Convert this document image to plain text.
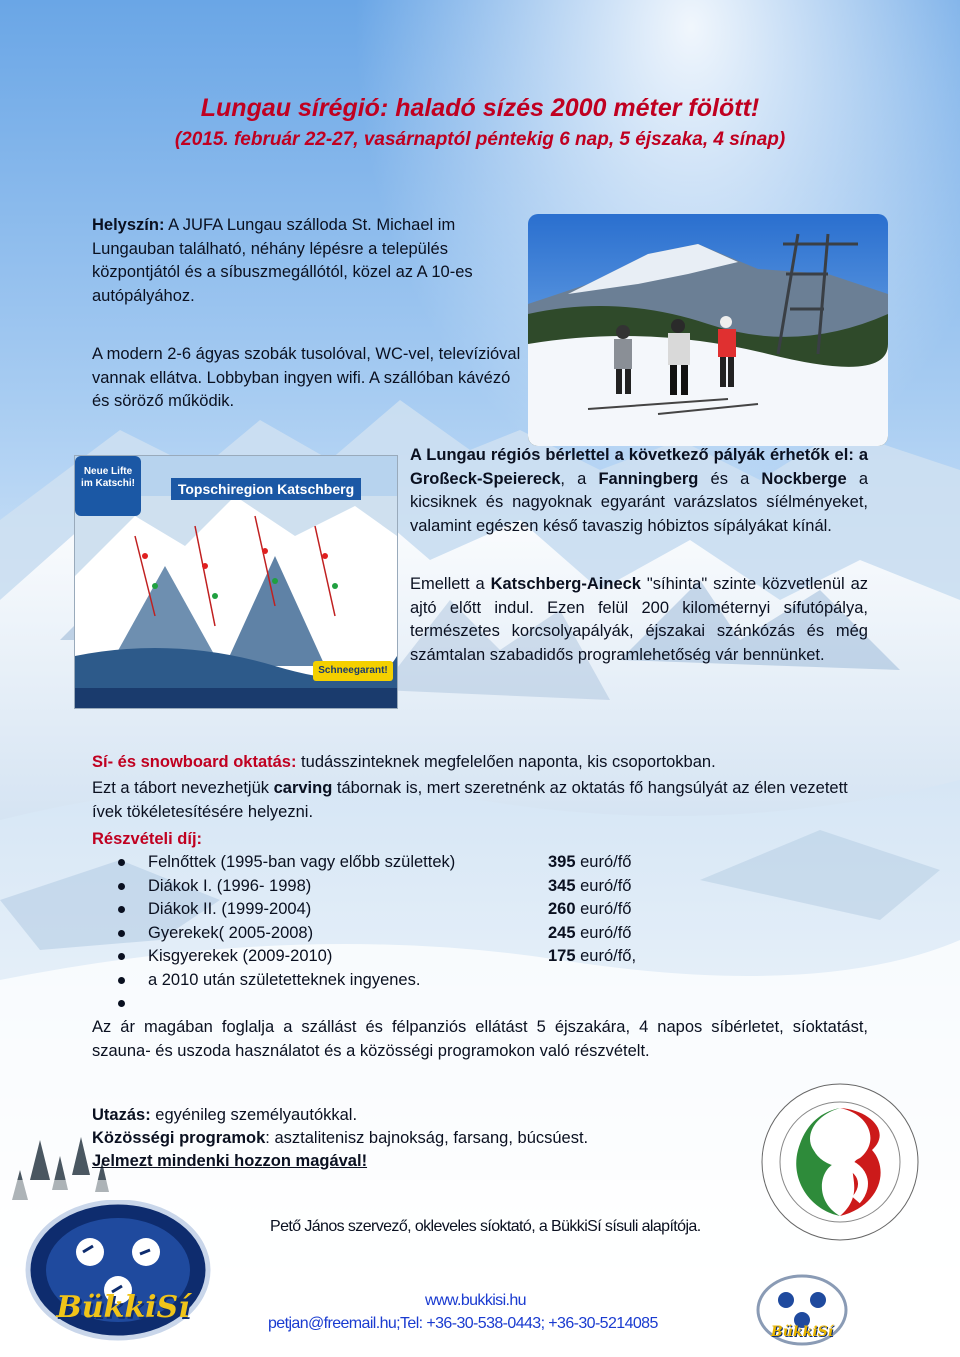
Lungau sírégió: haladó sízés 2000 méter fölött!
(2015. február 22-27, vasárnaptól péntekig 6 nap, 5 éjszaka, 4 sínap)
Helyszín: A JUFA Lungau szálloda St. Michael im Lungauban található, néhány lépésre a település központjától és a síbuszmegállótól, közel az A 10-es autópályához.
A modern 2-6 ágyas szobák tusolóval, WC-vel, televízióval vannak ellátva. Lobbyban ingyen wifi. A szállóban kávézó és söröző működik.
Topschiregion Katschberg
Neue Lifte im Katschi!
Schneegarant!
A Lungau régiós bérlettel a következő pályák érhetők el: a Großeck-Speiereck, a Fanningberg és a Nockberge a kicsiknek és nagyoknak egyaránt varázslatos síélményeket, valamint egészen késő tavaszig hóbiztos sípályákat kínál.
Emellett a Katschberg-Aineck "síhinta" szinte közvetlenül az ajtó előtt indul. Ezen felül 200 kilométernyi sífutópálya, természetes korcsolyapályák, éjszakai szánkózás és még számtalan szabadidős programlehetőség vár bennünket.
Sí- és snowboard oktatás: tudásszinteknek megfelelően naponta, kis csoportokban.
Ezt a tábort nevezhetjük carving tábornak is, mert szeretnénk az oktatás fő hangsúlyát az élen vezetett ívek tökéletesítésére helyezni.
Részvételi díj:
Felnőttek (1995-ban vagy előbb születtek)	395 euró/fő
Diákok I. (1996- 1998)	345 euró/fő
Diákok II. (1999-2004)	260 euró/fő
Gyerekek( 2005-2008)	245 euró/fő
Kisgyerekek (2009-2010)	175 euró/fő,
a 2010 után születetteknek ingyenes.
Az ár magában foglalja a szállást és félpanziós ellátást 5 éjszakára, 4 napos síbérletet, síoktatást, szauna- és uszoda használatot és a közösségi programokon való részvételt.
Utazás: egyénileg személyautókkal.
Közösségi programok: asztalitenisz bajnokság, farsang, búcsúest.
Jelmezt mindenki hozzon magával!
BükkiSí
BükkiSí
Pető János szervező, okleveles síoktató, a BükkiSí sísuli alapítója.
www.bukkisi.hu
petjan@freemail.hu;Tel: +36-30-538-0443; +36-30-5214085
